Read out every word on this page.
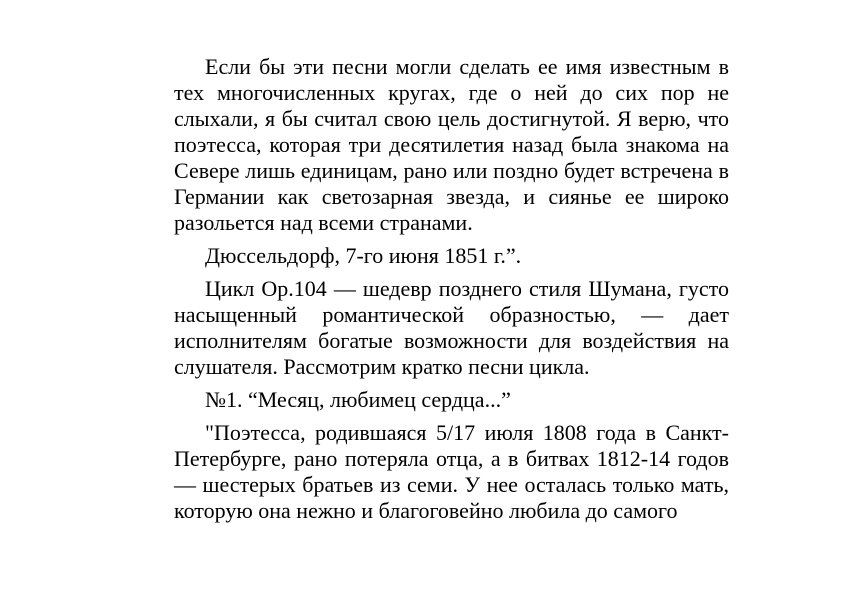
Если бы эти песни могли сделать ее имя известным в тех многочисленных кругах, где о ней до сих пор не слыхали, я бы считал свою цель достигнутой. Я верю, что поэтесса, которая три десятилетия назад была знакома на Севере лишь единицам, рано или поздно будет встречена в Германии как светозарная звезда, и сиянье ее широко разольется над всеми странами.

Дюссельдорф, 7-го июня 1851 г.”.

Цикл Op.104 — шедевр позднего стиля Шумана, густо насыщенный романтической образностью, — дает исполнителям богатые возможности для воздействия на слушателя. Рассмотрим кратко песни цикла.

№1. “Месяц, любимец сердца...”

"Поэтесса, родившаяся 5/17 июля 1808 года в Санкт-Петербурге, рано потеряла отца, а в битвах 1812-14 годов — шестерых братьев из семи. У нее осталась только мать, которую она нежно и благоговейно любила до самого
